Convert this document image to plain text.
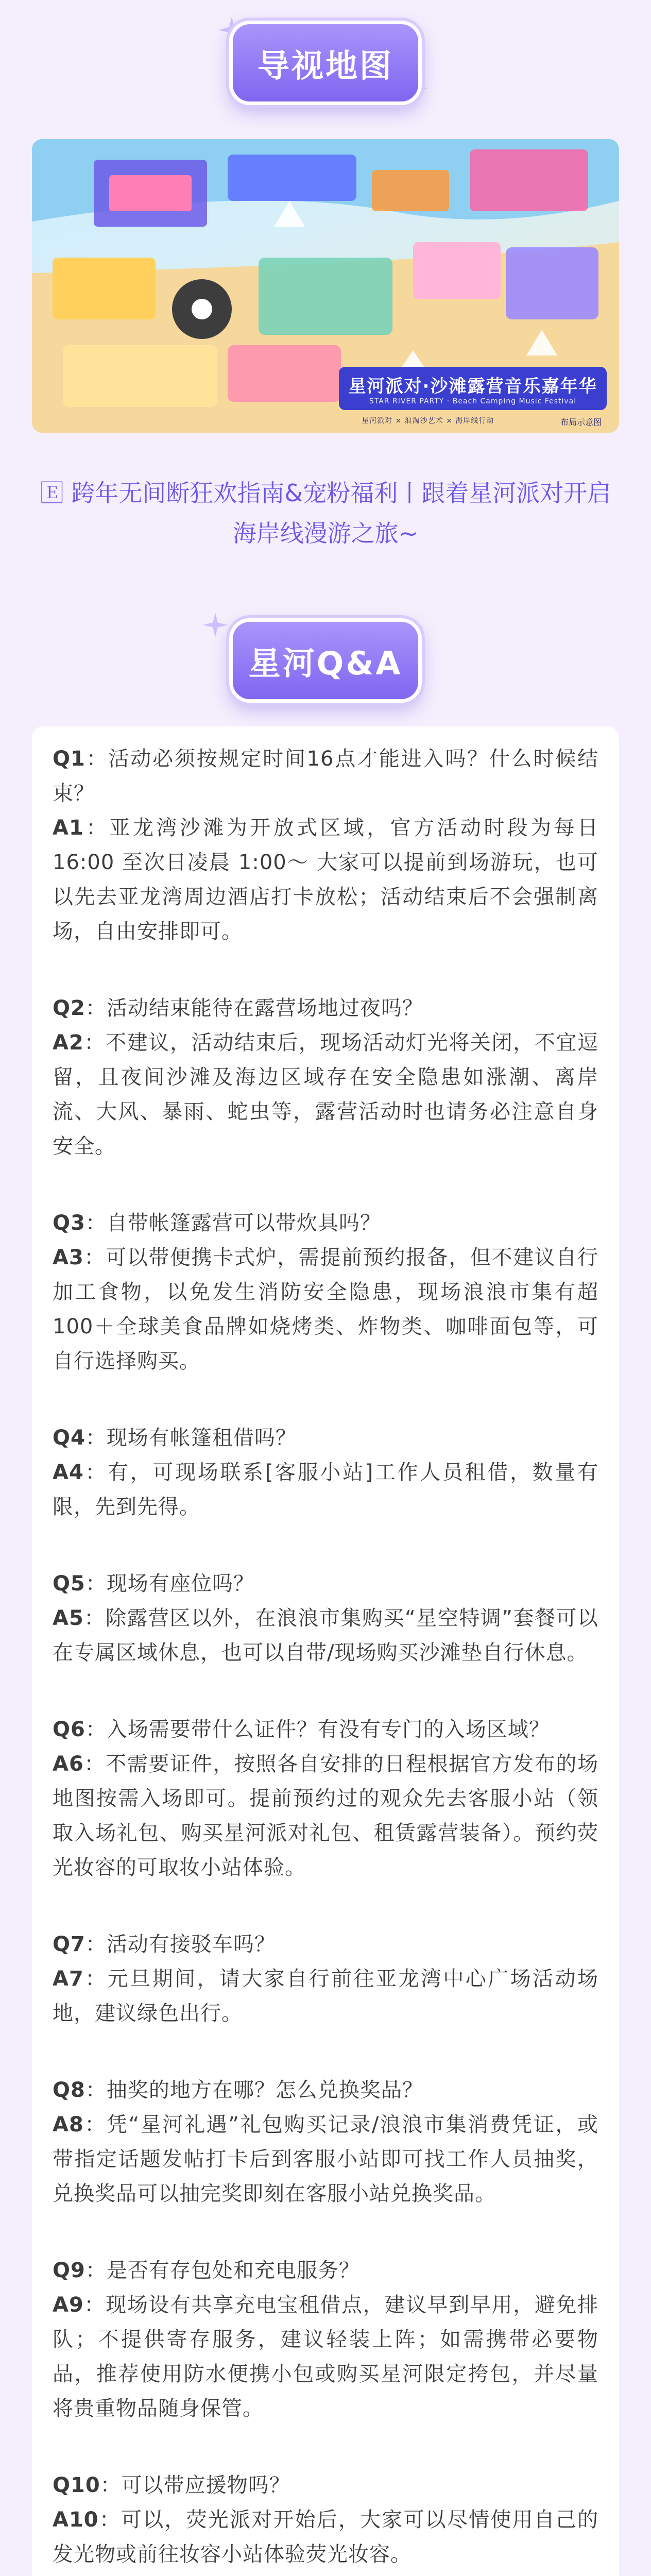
导视地图
星河派对·沙滩露营音乐嘉年华
STAR RIVER PARTY · Beach Camping Music Festival
星河派对 × 浪淘沙艺术 × 海岸线行动	布局示意图
🄴 跨年无间断狂欢指南&宠粉福利丨跟着星河派对开启海岸线漫游之旅~
星河Q&A
Q1：活动必须按规定时间16点才能进入吗？什么时候结束？
A1：亚龙湾沙滩为开放式区域，官方活动时段为每日 16:00 至次日凌晨 1:00～ 大家可以提前到场游玩，也可以先去亚龙湾周边酒店打卡放松；活动结束后不会强制离场，自由安排即可。
Q2：活动结束能待在露营场地过夜吗？
A2：不建议，活动结束后，现场活动灯光将关闭，不宜逗留，且夜间沙滩及海边区域存在安全隐患如涨潮、离岸流、大风、暴雨、蛇虫等，露营活动时也请务必注意自身安全。
Q3：自带帐篷露营可以带炊具吗？
A3：可以带便携卡式炉，需提前预约报备，但不建议自行加工食物，以免发生消防安全隐患，现场浪浪市集有超100＋全球美食品牌如烧烤类、炸物类、咖啡面包等，可自行选择购买。
Q4：现场有帐篷租借吗？
A4：有，可现场联系[客服小站]工作人员租借，数量有限，先到先得。
Q5：现场有座位吗？
A5：除露营区以外，在浪浪市集购买“星空特调”套餐可以在专属区域休息，也可以自带/现场购买沙滩垫自行休息。
Q6：入场需要带什么证件？有没有专门的入场区域？
A6：不需要证件，按照各自安排的日程根据官方发布的场地图按需入场即可。提前预约过的观众先去客服小站（领取入场礼包、购买星河派对礼包、租赁露营装备）。预约荧光妆容的可取妆小站体验。
Q7：活动有接驳车吗？
A7：元旦期间，请大家自行前往亚龙湾中心广场活动场地，建议绿色出行。
Q8：抽奖的地方在哪？怎么兑换奖品？
A8：凭“星河礼遇”礼包购买记录/浪浪市集消费凭证，或带指定话题发帖打卡后到客服小站即可找工作人员抽奖，兑换奖品可以抽完奖即刻在客服小站兑换奖品。
Q9：是否有存包处和充电服务？
A9：现场设有共享充电宝租借点，建议早到早用，避免排队；不提供寄存服务，建议轻装上阵；如需携带必要物品，推荐使用防水便携小包或购买星河限定挎包，并尽量将贵重物品随身保管。
Q10：可以带应援物吗？
A10：可以，荧光派对开始后，大家可以尽情使用自己的发光物或前往妆容小站体验荧光妆容。
